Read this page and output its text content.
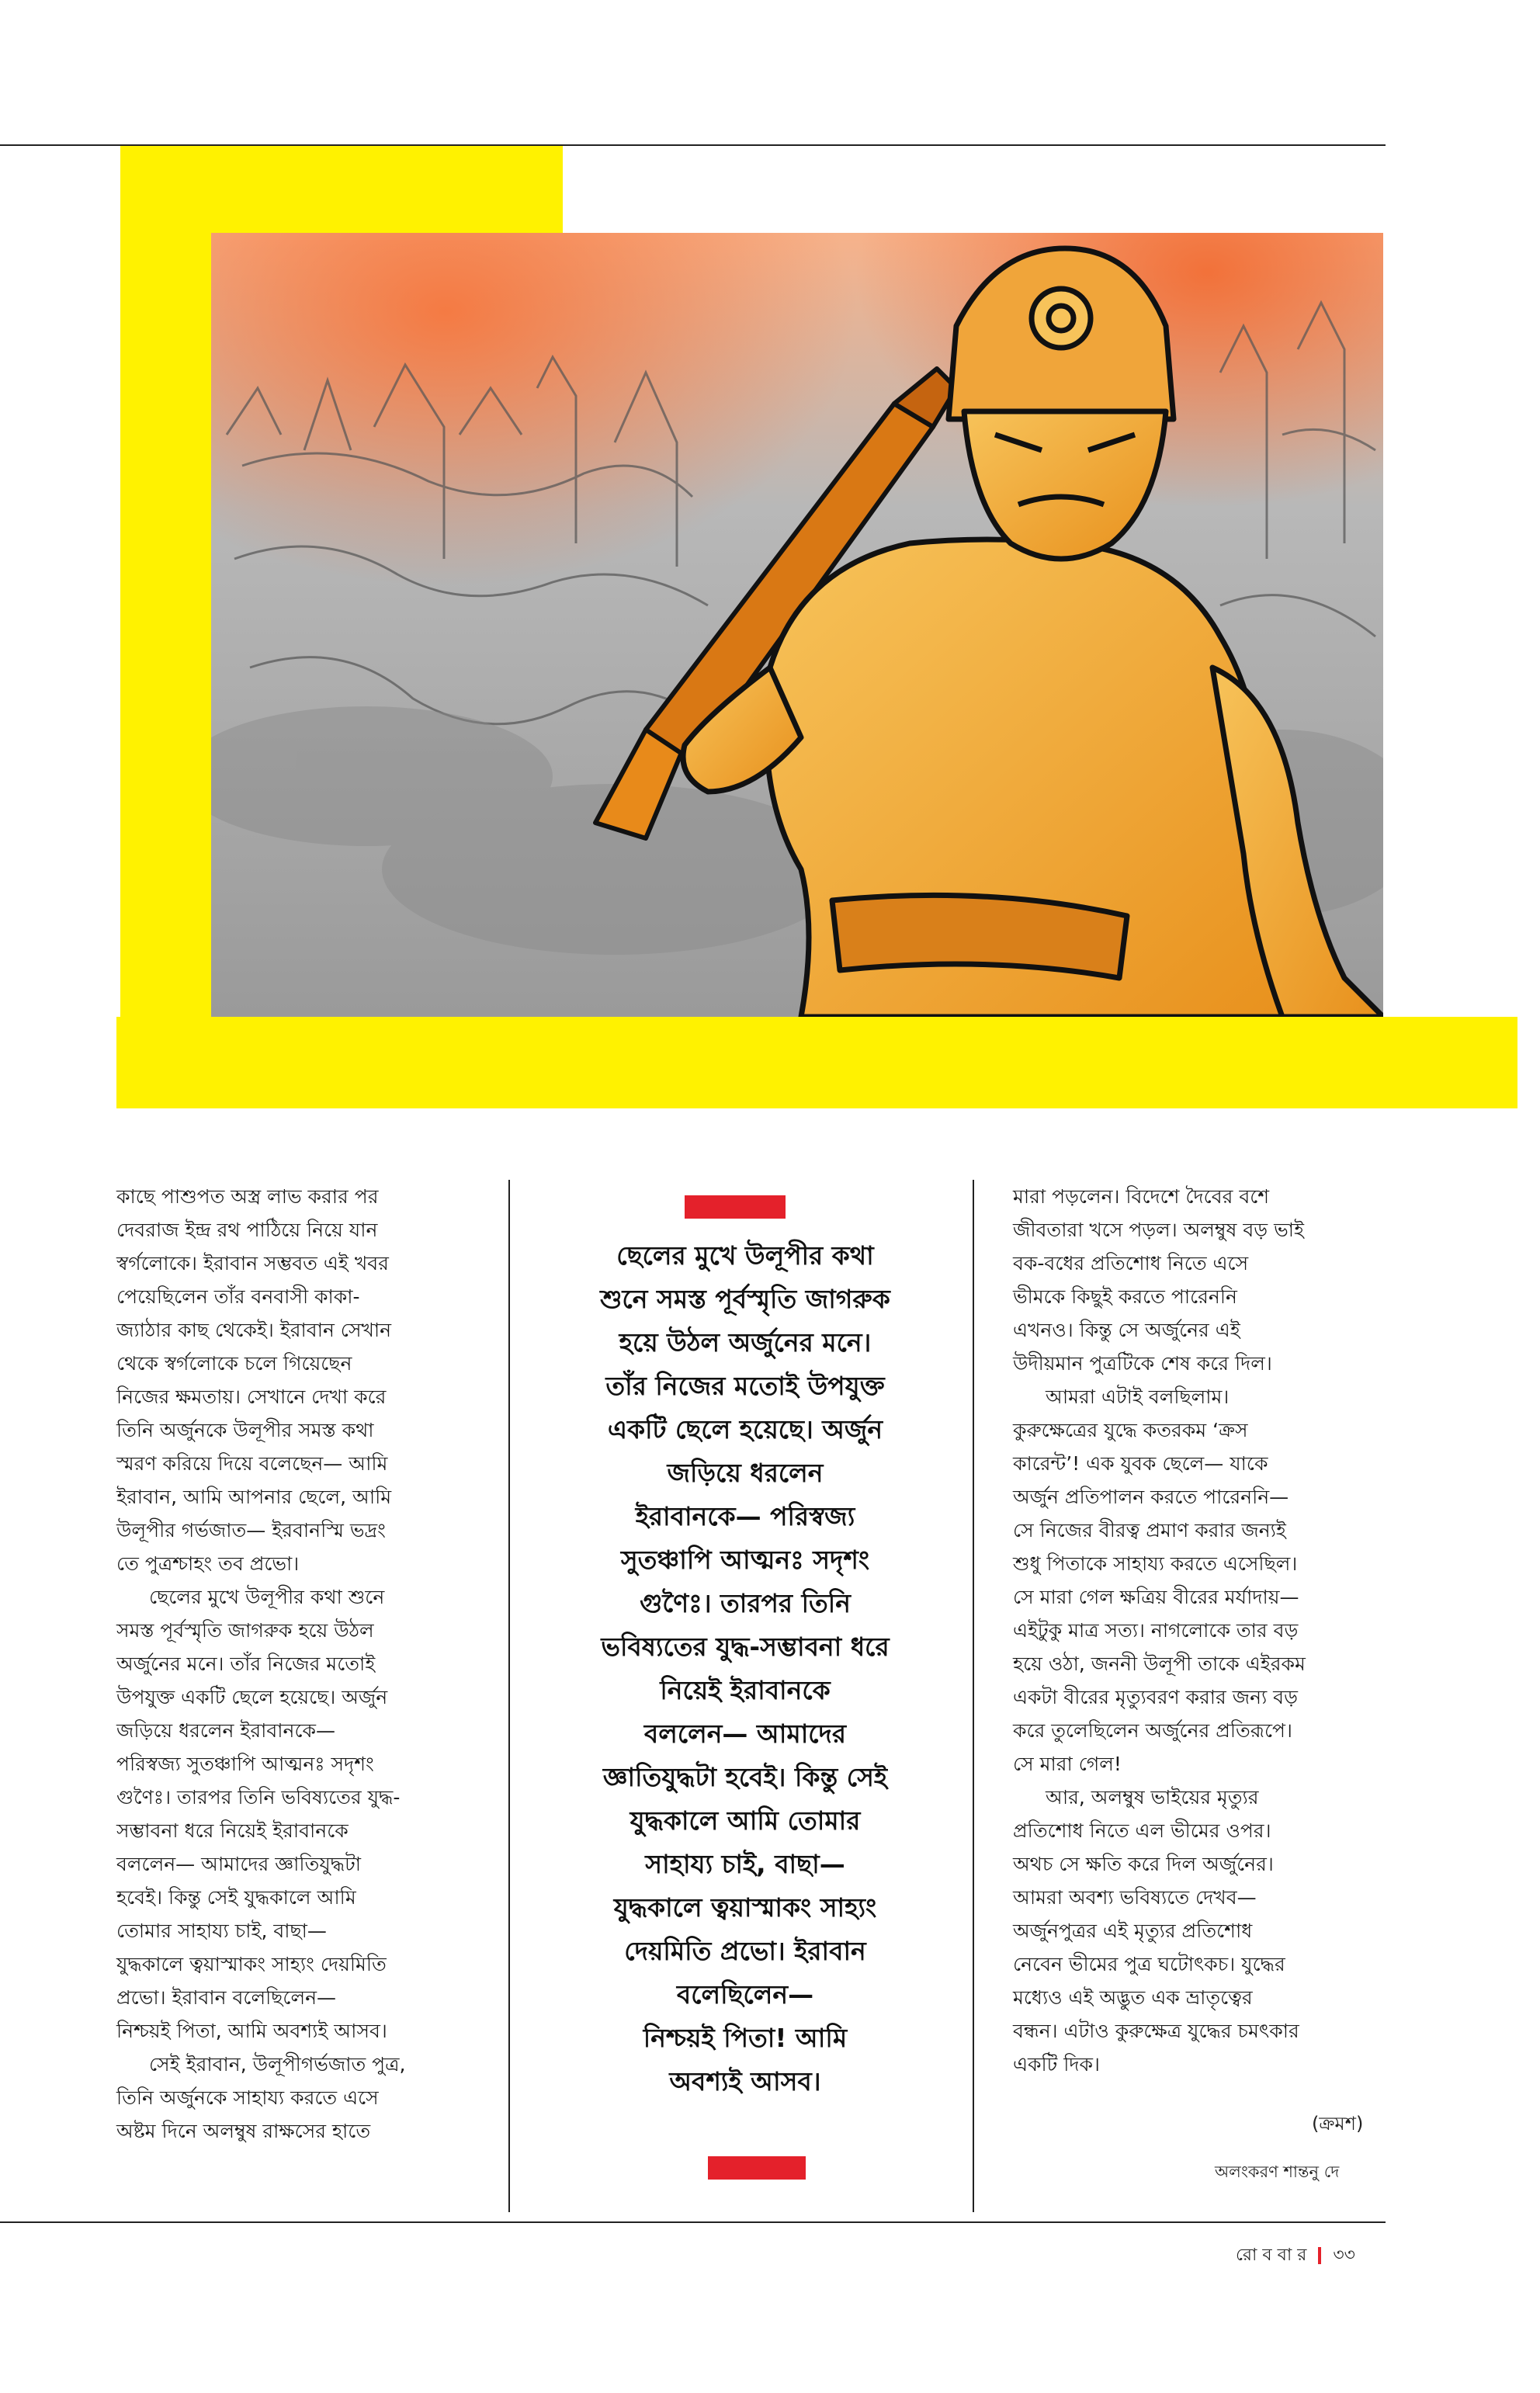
কাছে পাশুপত অস্ত্র লাভ করার পর

দেবরাজ ইন্দ্র রথ পাঠিয়ে নিয়ে যান

স্বর্গলোকে। ইরাবান সম্ভবত এই খবর

পেয়েছিলেন তাঁর বনবাসী কাকা-

জ্যাঠার কাছ থেকেই। ইরাবান সেখান

থেকে স্বর্গলোকে চলে গিয়েছেন

নিজের ক্ষমতায়। সেখানে দেখা করে

তিনি অর্জুনকে উলূপীর সমস্ত কথা

স্মরণ করিয়ে দিয়ে বলেছেন— আমি

ইরাবান, আমি আপনার ছেলে, আমি

উলূপীর গর্ভজাত— ইরবানস্মি ভদ্রং

তে পুত্রশ্চাহং তব প্রভো।

ছেলের মুখে উলূপীর কথা শুনে

সমস্ত পূর্বস্মৃতি জাগরুক হয়ে উঠল

অর্জুনের মনে। তাঁর নিজের মতোই

উপযুক্ত একটি ছেলে হয়েছে। অর্জুন

জড়িয়ে ধরলেন ইরাবানকে—

পরিস্বজ্য সুতঞ্চাপি আত্মনঃ সদৃশং

গুণৈঃ। তারপর তিনি ভবিষ্যতের যুদ্ধ-

সম্ভাবনা ধরে নিয়েই ইরাবানকে

বললেন— আমাদের জ্ঞাতিযুদ্ধটা

হবেই। কিন্তু সেই যুদ্ধকালে আমি

তোমার সাহায্য চাই, বাছা—

যুদ্ধকালে ত্বয়াস্মাকং সাহ্যং দেয়মিতি

প্রভো। ইরাবান বলেছিলেন—

নিশ্চয়ই পিতা, আমি অবশ্যই আসব।

সেই ইরাবান, উলূপীগর্ভজাত পুত্র,

তিনি অর্জুনকে সাহায্য করতে এসে

অষ্টম দিনে অলম্বুষ রাক্ষসের হাতে

ছেলের মুখে উলূপীর কথা

শুনে সমস্ত পূর্বস্মৃতি জাগরুক

হয়ে উঠল অর্জুনের মনে।

তাঁর নিজের মতোই উপযুক্ত

একটি ছেলে হয়েছে। অর্জুন

জড়িয়ে ধরলেন

ইরাবানকে— পরিস্বজ্য

সুতঞ্চাপি আত্মনঃ সদৃশং

গুণৈঃ। তারপর তিনি

ভবিষ্যতের যুদ্ধ-সম্ভাবনা ধরে

নিয়েই ইরাবানকে

বললেন— আমাদের

জ্ঞাতিযুদ্ধটা হবেই। কিন্তু সেই

যুদ্ধকালে আমি তোমার

সাহায্য চাই, বাছা—

যুদ্ধকালে ত্বয়াস্মাকং সাহ্যং

দেয়মিতি প্রভো। ইরাবান

বলেছিলেন—

নিশ্চয়ই পিতা! আমি

অবশ্যই আসব।

মারা পড়লেন। বিদেশে দৈবের বশে

জীবতারা খসে পড়ল। অলম্বুষ বড় ভাই

বক-বধের প্রতিশোধ নিতে এসে

ভীমকে কিছুই করতে পারেননি

এখনও। কিন্তু সে অর্জুনের এই

উদীয়মান পুত্রটিকে শেষ করে দিল।

আমরা এটাই বলছিলাম।

কুরুক্ষেত্রের যুদ্ধে কতরকম ‘ক্রস

কারেন্ট’! এক যুবক ছেলে— যাকে

অর্জুন প্রতিপালন করতে পারেননি—

সে নিজের বীরত্ব প্রমাণ করার জন্যই

শুধু পিতাকে সাহায্য করতে এসেছিল।

সে মারা গেল ক্ষত্রিয় বীরের মর্যাদায়—

এইটুকু মাত্র সত্য। নাগলোকে তার বড়

হয়ে ওঠা, জননী উলূপী তাকে এইরকম

একটা বীরের মৃত্যুবরণ করার জন্য বড়

করে তুলেছিলেন অর্জুনের প্রতিরূপে।

সে মারা গেল!

আর, অলম্বুষ ভাইয়ের মৃত্যুর

প্রতিশোধ নিতে এল ভীমের ওপর।

অথচ সে ক্ষতি করে দিল অর্জুনের।

আমরা অবশ্য ভবিষ্যতে দেখব—

অর্জুনপুত্রর এই মৃত্যুর প্রতিশোধ

নেবেন ভীমের পুত্র ঘটোৎকচ। যুদ্ধের

মধ্যেও এই অদ্ভুত এক ভ্রাতৃত্বের

বন্ধন। এটাও কুরুক্ষেত্র যুদ্ধের চমৎকার

একটি দিক।

(ক্রমশ)
অলংকরণ শান্তনু দে
রো ব বা র ৩৩
